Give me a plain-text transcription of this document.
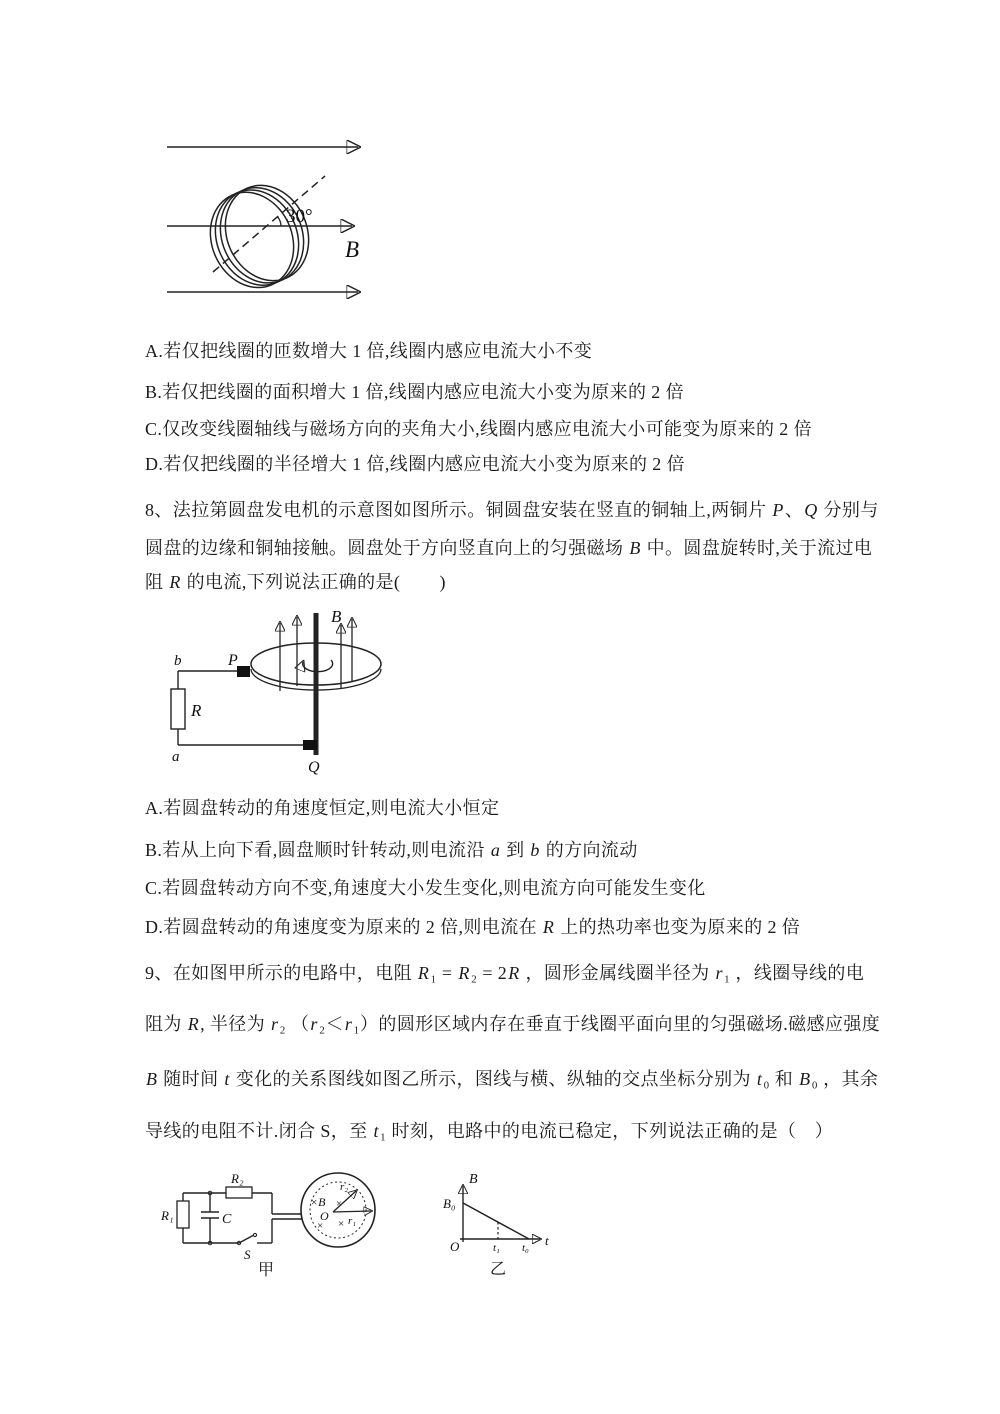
30°
B
A.若仅把线圈的匝数增大 1 倍,线圈内感应电流大小不变
B.若仅把线圈的面积增大 1 倍,线圈内感应电流大小变为原来的 2 倍
C.仅改变线圈轴线与磁场方向的夹角大小,线圈内感应电流大小可能变为原来的 2 倍
D.若仅把线圈的半径增大 1 倍,线圈内感应电流大小变为原来的 2 倍
8、法拉第圆盘发电机的示意图如图所示。铜圆盘安装在竖直的铜轴上,两铜片 P、Q 分别与
圆盘的边缘和铜轴接触。圆盘处于方向竖直向上的匀强磁场 B 中。圆盘旋转时,关于流过电
阻 R 的电流,下列说法正确的是(        )
B
P
b
R
a
Q
A.若圆盘转动的角速度恒定,则电流大小恒定
B.若从上向下看,圆盘顺时针转动,则电流沿 a 到 b 的方向流动
C.若圆盘转动方向不变,角速度大小发生变化,则电流方向可能发生变化
D.若圆盘转动的角速度变为原来的 2 倍,则电流在 R 上的热功率也变为原来的 2 倍
9、在如图甲所示的电路中，电阻 R₁ = R₂ = 2R ，圆形金属线圈半径为 r₁ ，线圈导线的电
阻为 R, 半径为 r₂ （r₂＜r₁）的圆形区域内存在垂直于线圈平面向里的匀强磁场.磁感应强度
B 随时间 t 变化的关系图线如图乙所示，图线与横、纵轴的交点坐标分别为 t₀ 和 B₀ ，其余
导线的电阻不计.闭合 S，至 t₁ 时刻，电路中的电流已稳定，下列说法正确的是（　）
R₂
R₁	C
S
×B
O
× ×
×
r₂
r₁
甲
B
B₀
O	t₁ t₀ t
乙
